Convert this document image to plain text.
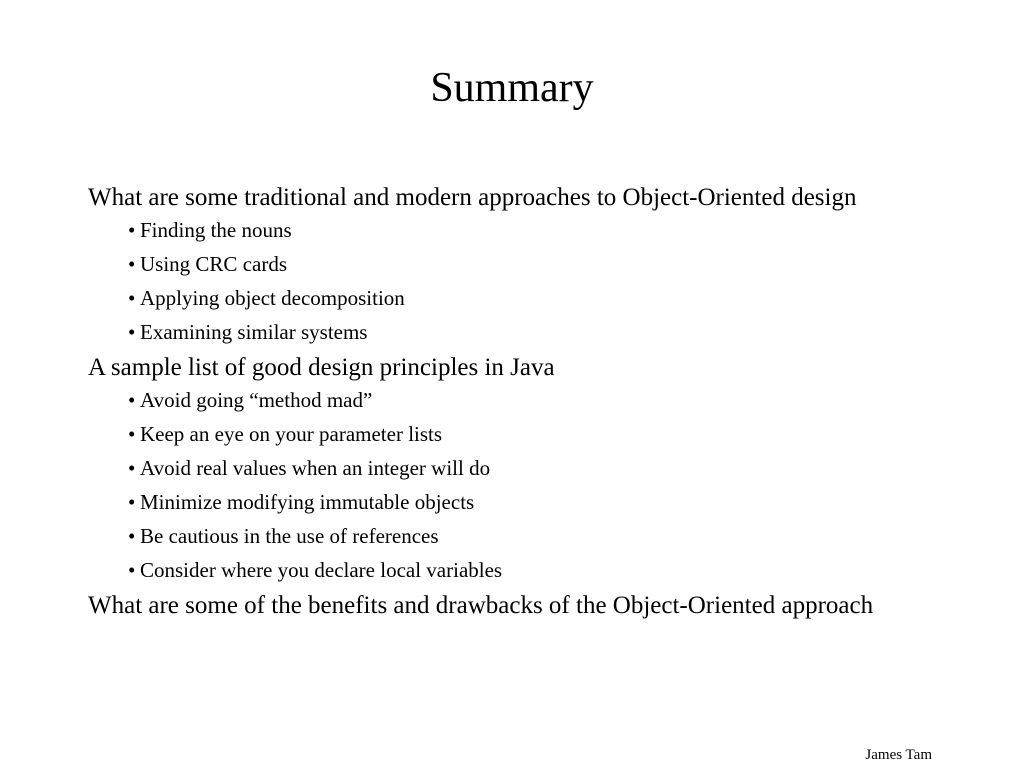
Summary
What are some traditional and modern approaches to Object-Oriented design
• Finding the nouns
• Using CRC cards
• Applying object decomposition
• Examining similar systems
A sample list of good design principles in Java
• Avoid going “method mad”
• Keep an eye on your parameter lists
• Avoid real values when an integer will do
• Minimize modifying immutable objects
• Be cautious in the use of references
• Consider where you declare local variables
What are some of the benefits and drawbacks of the Object-Oriented approach
James Tam
